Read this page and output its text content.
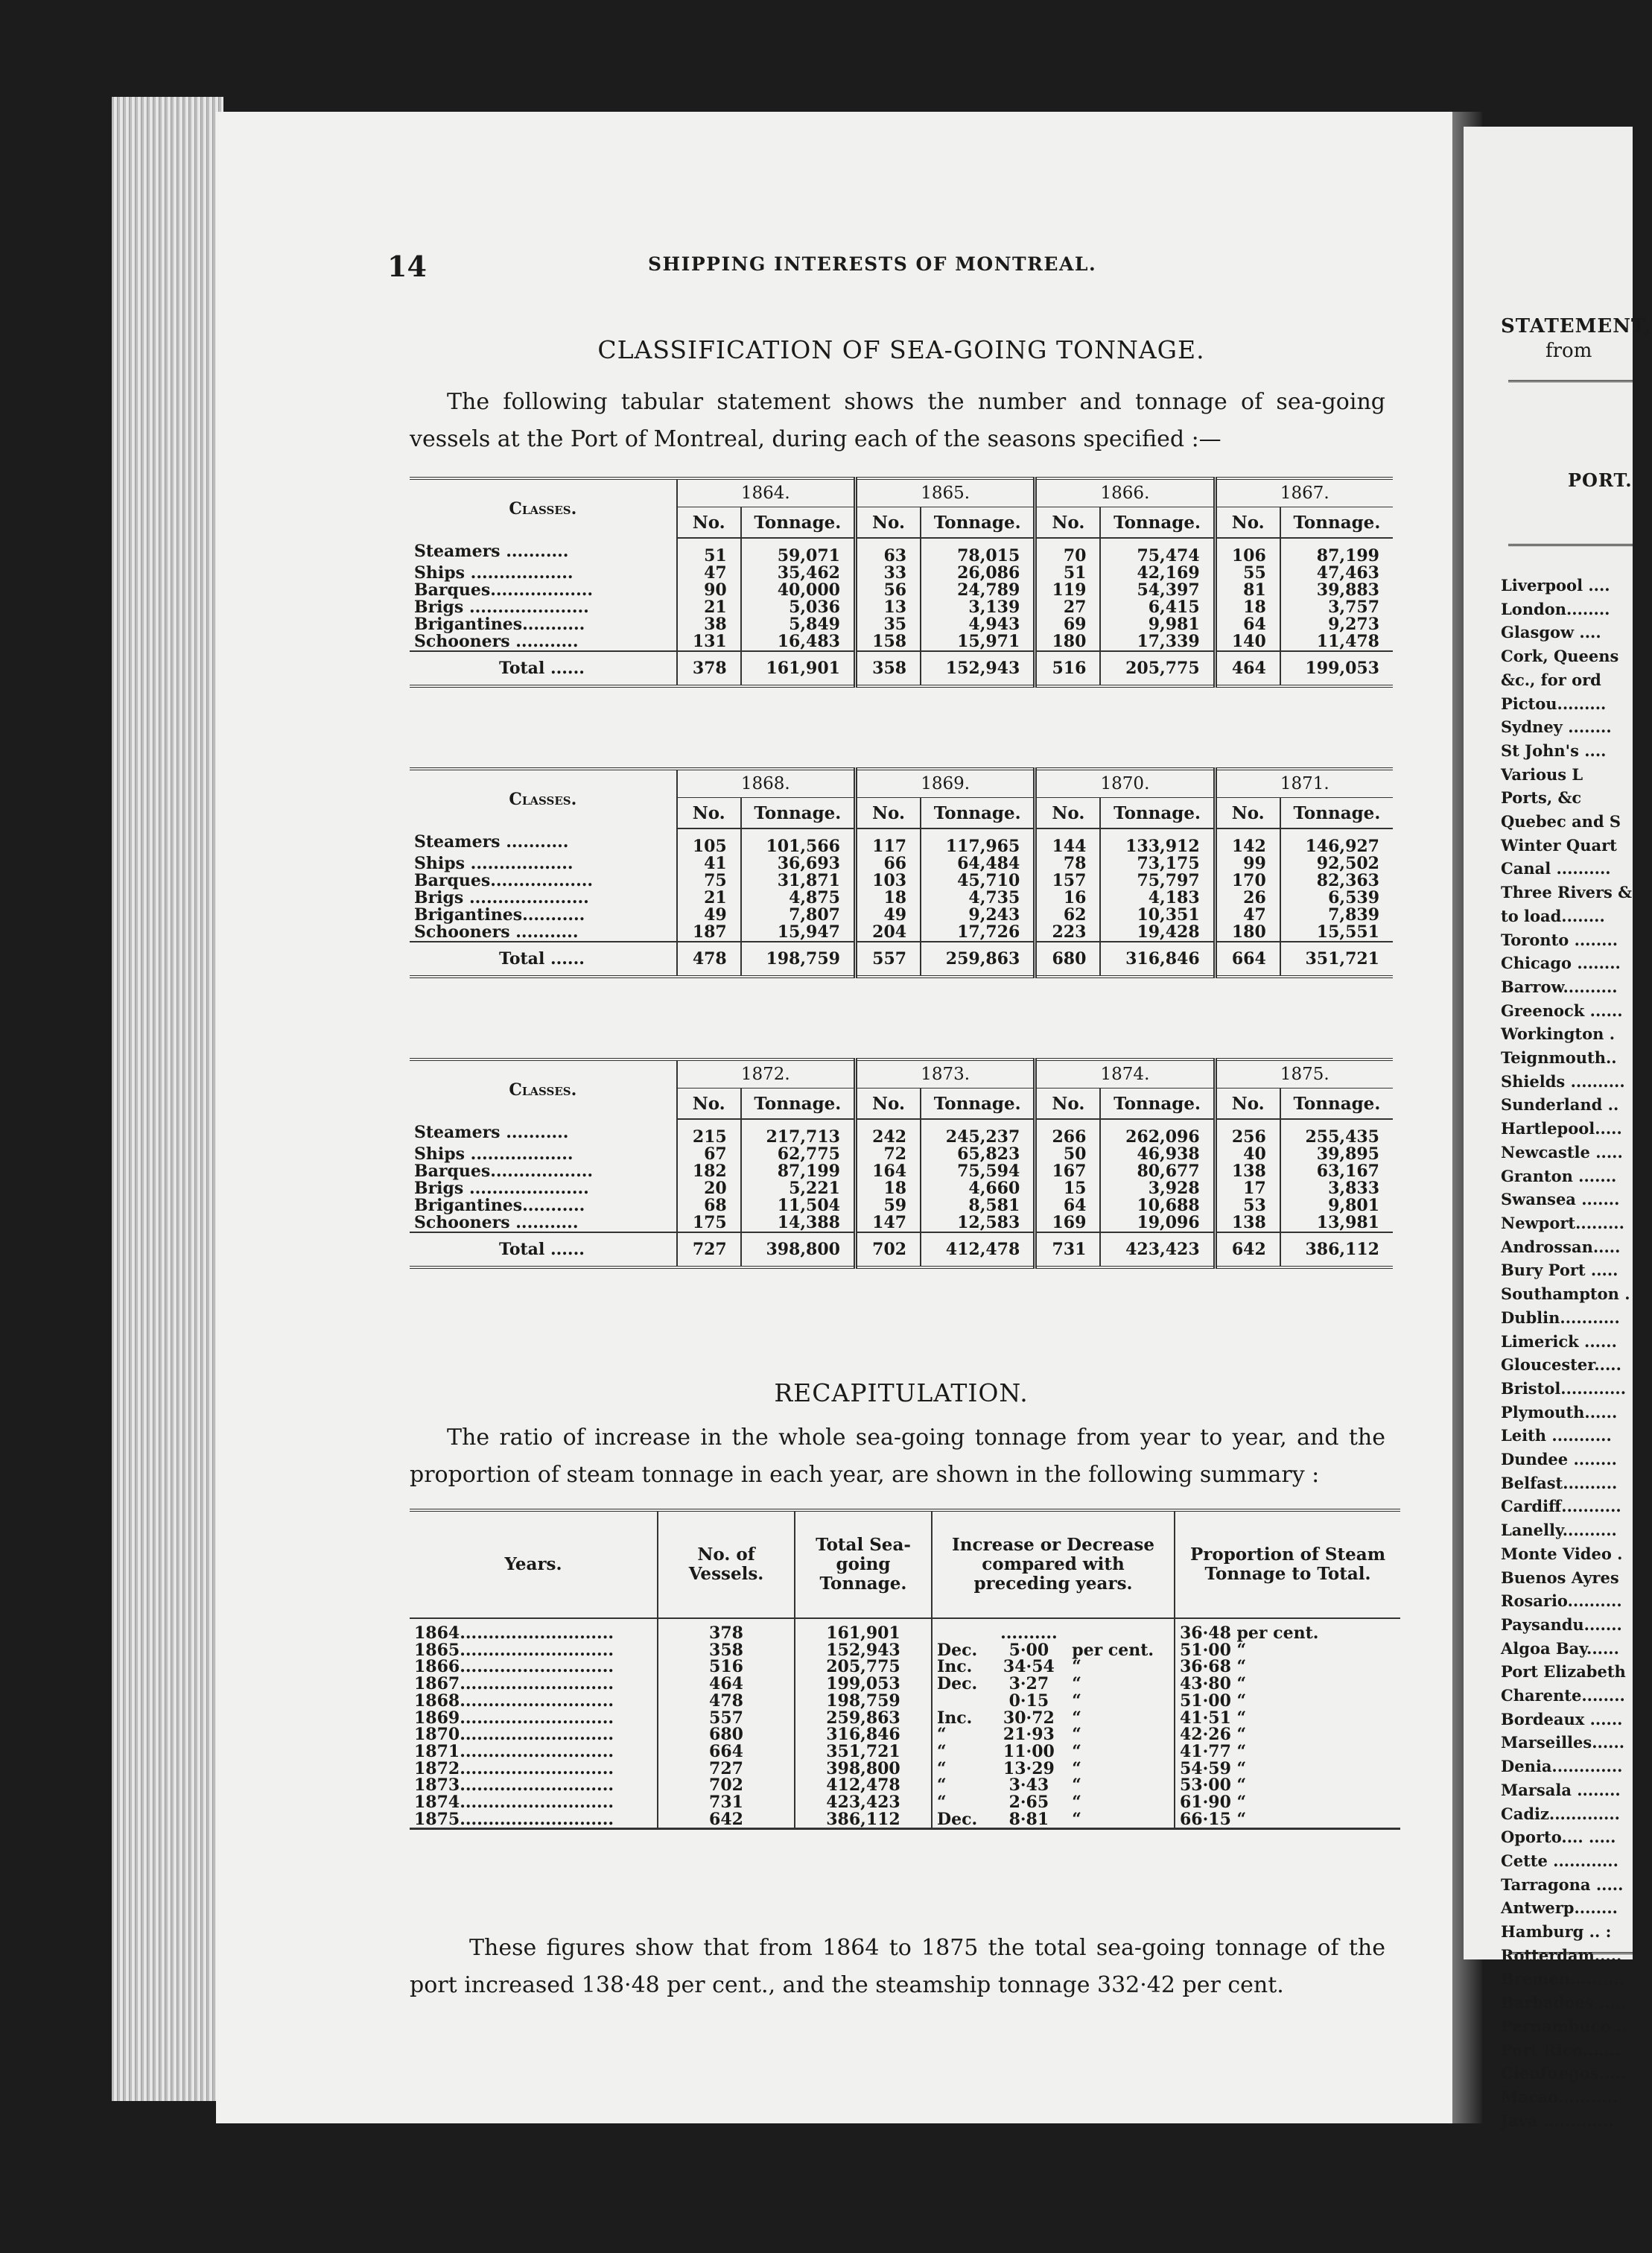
STATEMENT,
from
PORT.
Liverpool ....
London........
Glasgow ....
Cork, Queens
&c., for ord
Pictou.........
Sydney ........
St John's ....
Various L
Ports, &c
Quebec and S
Winter Quart
Canal ..........
Three Rivers &
to load........
Toronto ........
Chicago ........
Barrow..........
Greenock ......
Workington .
Teignmouth..
Shields ..........
Sunderland ..
Hartlepool.....
Newcastle .....
Granton .......
Swansea .......
Newport.........
Androssan.....
Bury Port .....
Southampton .
Dublin...........
Limerick ......
Gloucester.....
Bristol............
Plymouth......
Leith ...........
Dundee ........
Belfast..........
Cardiff...........
Lanelly..........
Monte Video .
Buenos Ayres
Rosario..........
Paysandu.......
Algoa Bay......
Port Elizabeth
Charente........
Bordeaux ......
Marseilles......
Denia.............
Marsala ........
Cadiz.............
Oporto.... .....
Cette ............
Tarragona .....
Antwerp........
Hamburg .. :
Rotterdam.....
Bremen..........
Barbadoes .....
Pernambuco ..
Port Rico.......
Cienfuegos.....
Macao...........
Java .............
14	SHIPPING INTERESTS OF MONTREAL.
CLASSIFICATION OF SEA-GOING TONNAGE.
The following tabular statement shows the number and tonnage of sea-going vessels at the Port of Montreal, during each of the seasons specified :—
Classes.	1864.		1865.		1866.		1867.	
	No.	Tonnage.	No.	Tonnage.	No.	Tonnage.	No.	Tonnage.
Steamers ...........	51	59,071	63	78,015	70	75,474	106	87,199
Ships ..................	47	35,462	33	26,086	51	42,169	55	47,463
Barques..................	90	40,000	56	24,789	119	54,397	81	39,883
Brigs .....................	21	5,036	13	3,139	27	6,415	18	3,757
Brigantines...........	38	5,849	35	4,943	69	9,981	64	9,273
Schooners ...........	131	16,483	158	15,971	180	17,339	140	11,478
Total ......	378	161,901	358	152,943	516	205,775	464	199,053
Classes.	1868.		1869.		1870.		1871.	
	No.	Tonnage.	No.	Tonnage.	No.	Tonnage.	No.	Tonnage.
Steamers ...........	105	101,566	117	117,965	144	133,912	142	146,927
Ships ..................	41	36,693	66	64,484	78	73,175	99	92,502
Barques..................	75	31,871	103	45,710	157	75,797	170	82,363
Brigs .....................	21	4,875	18	4,735	16	4,183	26	6,539
Brigantines...........	49	7,807	49	9,243	62	10,351	47	7,839
Schooners ...........	187	15,947	204	17,726	223	19,428	180	15,551
Total ......	478	198,759	557	259,863	680	316,846	664	351,721
Classes.	1872.		1873.		1874.		1875.	
	No.	Tonnage.	No.	Tonnage.	No.	Tonnage.	No.	Tonnage.
Steamers ...........	215	217,713	242	245,237	266	262,096	256	255,435
Ships ..................	67	62,775	72	65,823	50	46,938	40	39,895
Barques..................	182	87,199	164	75,594	167	80,677	138	63,167
Brigs .....................	20	5,221	18	4,660	15	3,928	17	3,833
Brigantines...........	68	11,504	59	8,581	64	10,688	53	9,801
Schooners ...........	175	14,388	147	12,583	169	19,096	138	13,981
Total ......	727	398,800	702	412,478	731	423,423	642	386,112
RECAPITULATION.
The ratio of increase in the whole sea-going tonnage from year to year, and the proportion of steam tonnage in each year, are shown in the following summary :
Years.	No. of Vessels.	Total Sea-going Tonnage.	Increase or Decrease compared with preceding years.			Proportion of Steam Tonnage to Total.
1864...........................	378	161,901		..........		36·48 per cent.
1865...........................	358	152,943	Dec.	5·00	per cent.	51·00 “
1866...........................	516	205,775	Inc.	34·54	“	36·68 “
1867...........................	464	199,053	Dec.	3·27	“	43·80 “
1868...........................	478	198,759		0·15	“	51·00 “
1869...........................	557	259,863	Inc.	30·72	“	41·51 “
1870...........................	680	316,846	“	21·93	“	42·26 “
1871...........................	664	351,721	“	11·00	“	41·77 “
1872...........................	727	398,800	“	13·29	“	54·59 “
1873...........................	702	412,478	“	3·43	“	53·00 “
1874...........................	731	423,423	“	2·65	“	61·90 “
1875...........................	642	386,112	Dec.	8·81	“	66·15 “
These figures show that from 1864 to 1875 the total sea-going tonnage of the port increased 138·48 per cent., and the steamship tonnage 332·42 per cent.
